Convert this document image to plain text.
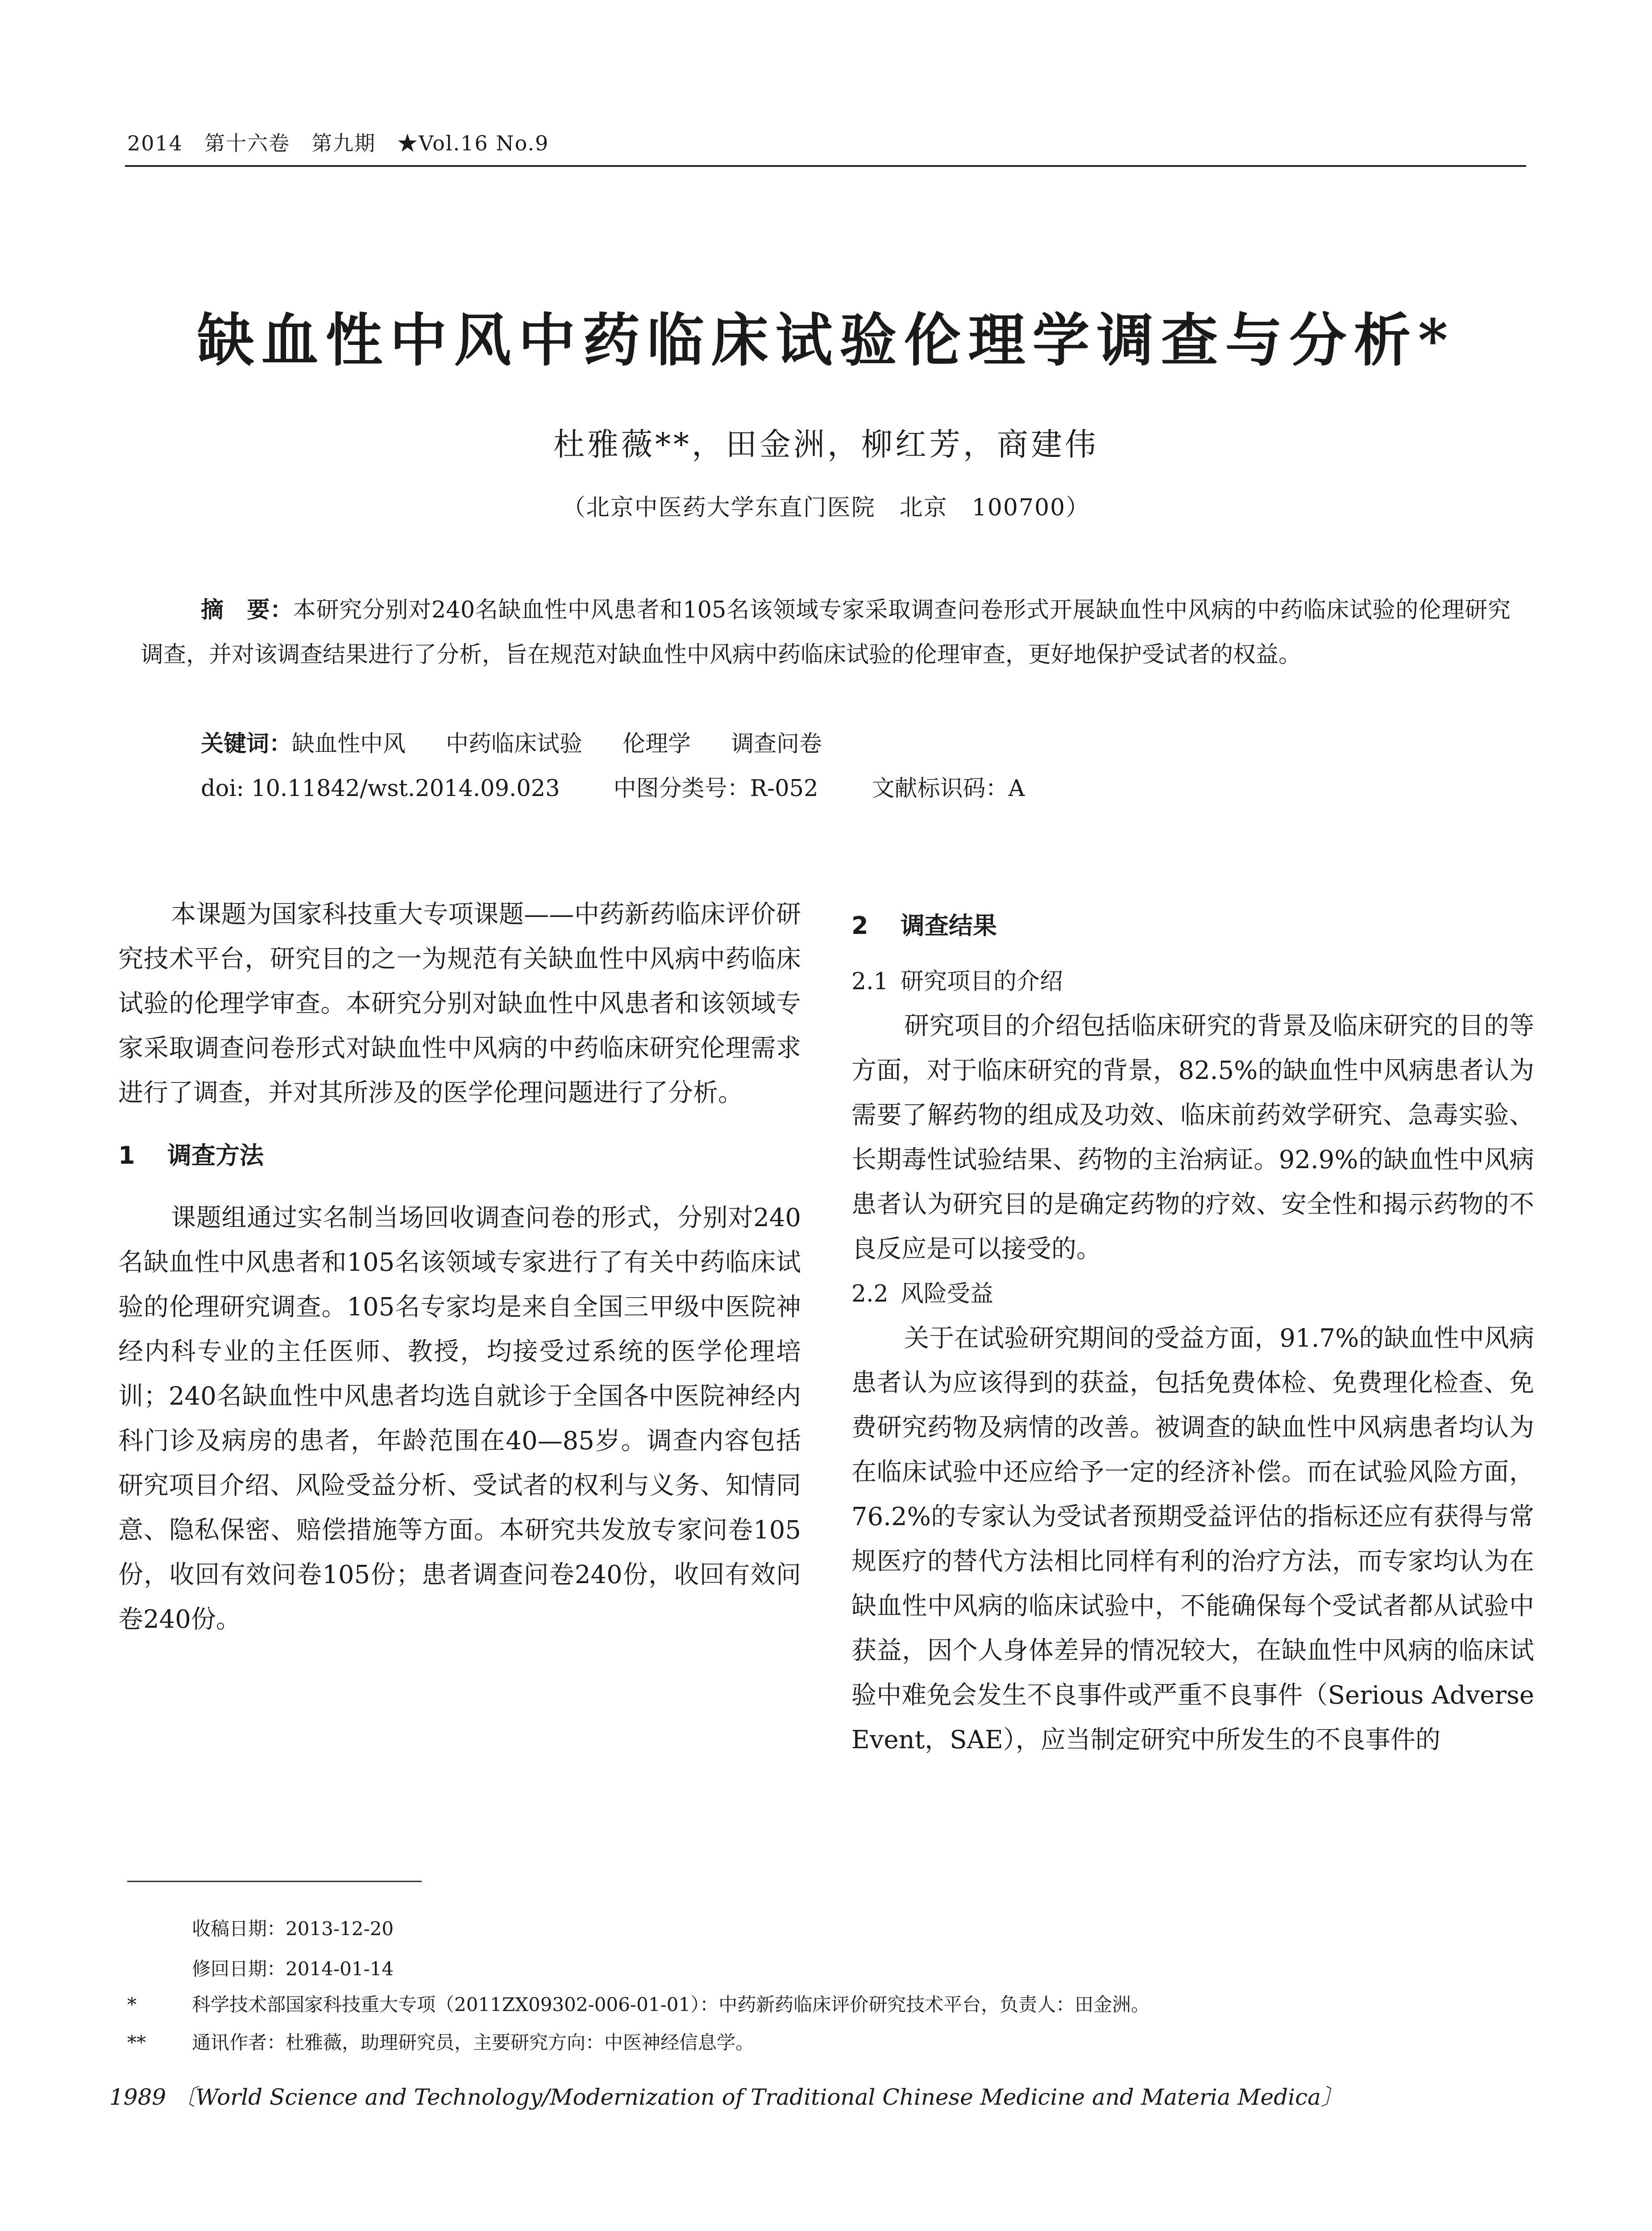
2014　第十六卷　第九期　★Vol.16 No.9
缺血性中风中药临床试验伦理学调查与分析*
杜雅薇**，田金洲，柳红芳，商建伟
（北京中医药大学东直门医院　北京　100700）
摘　要：本研究分别对240名缺血性中风患者和105名该领域专家采取调查问卷形式开展缺血性中风病的中药临床试验的伦理研究调查，并对该调查结果进行了分析，旨在规范对缺血性中风病中药临床试验的伦理审查，更好地保护受试者的权益。
关键词：缺血性中风 中药临床试验 伦理学 调查问卷
doi: 10.11842/wst.2014.09.023 中图分类号：R-052 文献标识码：A

本课题为国家科技重大专项课题——中药新药临床评价研究技术平台，研究目的之一为规范有关缺血性中风病中药临床试验的伦理学审查。本研究分别对缺血性中风患者和该领域专家采取调查问卷形式对缺血性中风病的中药临床研究伦理需求进行了调查，并对其所涉及的医学伦理问题进行了分析。

1 调查方法

课题组通过实名制当场回收调查问卷的形式，分别对240名缺血性中风患者和105名该领域专家进行了有关中药临床试验的伦理研究调查。105名专家均是来自全国三甲级中医院神经内科专业的主任医师、教授，均接受过系统的医学伦理培训；240名缺血性中风患者均选自就诊于全国各中医院神经内科门诊及病房的患者，年龄范围在40—85岁。调查内容包括研究项目介绍、风险受益分析、受试者的权利与义务、知情同意、隐私保密、赔偿措施等方面。本研究共发放专家问卷105份，收回有效问卷105份；患者调查问卷240份，收回有效问卷240份。

2 调查结果
2.1 研究项目的介绍

研究项目的介绍包括临床研究的背景及临床研究的目的等方面，对于临床研究的背景，82.5%的缺血性中风病患者认为需要了解药物的组成及功效、临床前药效学研究、急毒实验、长期毒性试验结果、药物的主治病证。92.9%的缺血性中风病患者认为研究目的是确定药物的疗效、安全性和揭示药物的不良反应是可以接受的。

2.2 风险受益

关于在试验研究期间的受益方面，91.7%的缺血性中风病患者认为应该得到的获益，包括免费体检、免费理化检查、免费研究药物及病情的改善。被调查的缺血性中风病患者均认为在临床试验中还应给予一定的经济补偿。而在试验风险方面，76.2%的专家认为受试者预期受益评估的指标还应有获得与常规医疗的替代方法相比同样有利的治疗方法，而专家均认为在缺血性中风病的临床试验中，不能确保每个受试者都从试验中获益，因个人身体差异的情况较大，在缺血性中风病的临床试验中难免会发生不良事件或严重不良事件（Serious Adverse Event，SAE），应当制定研究中所发生的不良事件的

收稿日期：2013-12-20
修回日期：2014-01-14
*	科学技术部国家科技重大专项（2011ZX09302-006-01-01）：中药新药临床评价研究技术平台，负责人：田金洲。
** 通讯作者：杜雅薇，助理研究员，主要研究方向：中医神经信息学。
1989 〔World Science and Technology/Modernization of Traditional Chinese Medicine and Materia Medica〕
